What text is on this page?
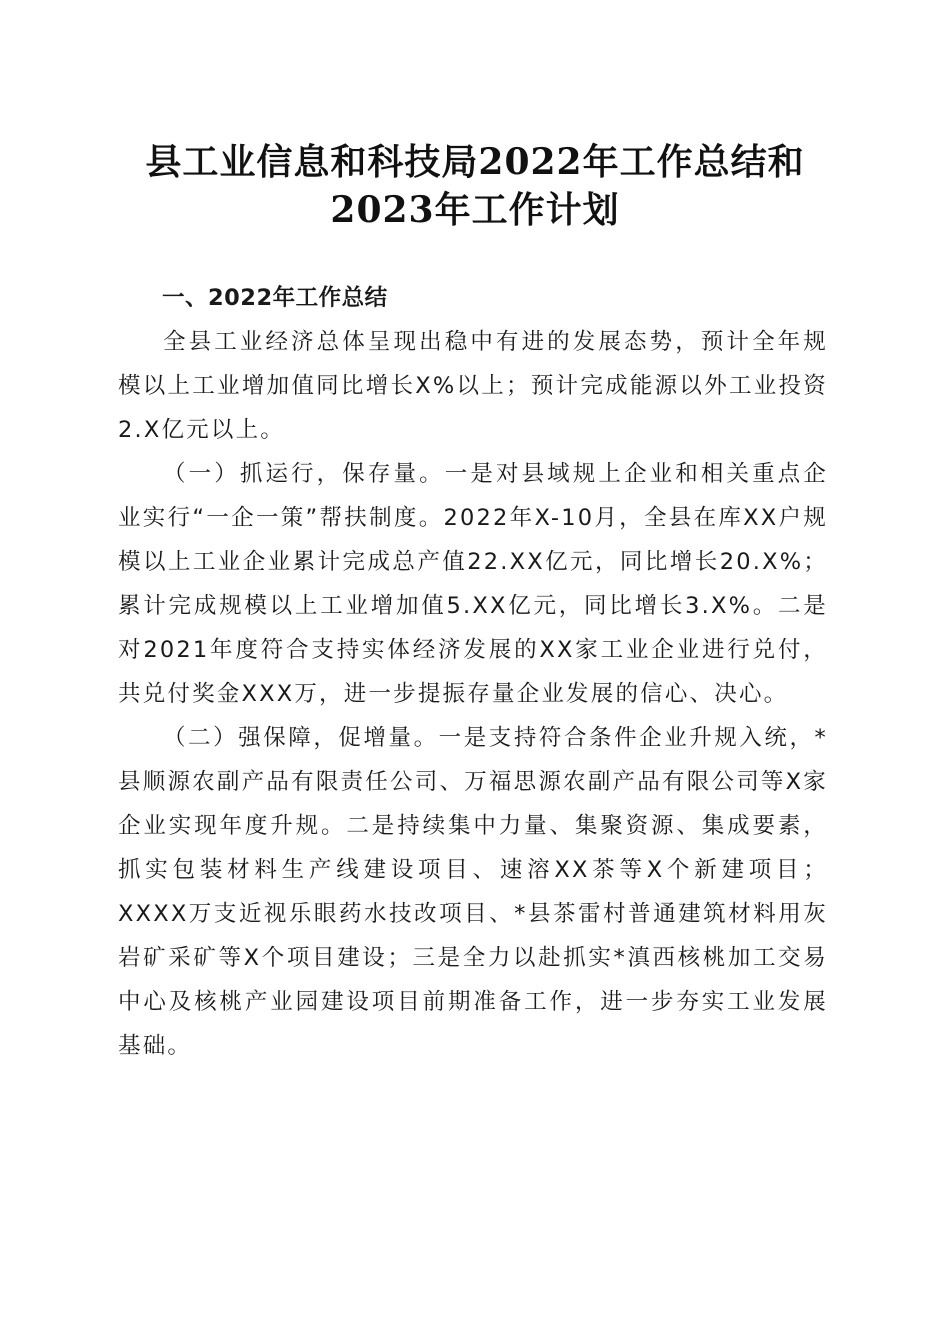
县工业信息和科技局2022年工作总结和2023年工作计划
一、2022年工作总结

全县工业经济总体呈现出稳中有进的发展态势，预计全年规模以上工业增加值同比增长X%以上；预计完成能源以外工业投资2.X亿元以上。

（一）抓运行，保存量。一是对县域规上企业和相关重点企业实行“一企一策”帮扶制度。2022年X-10月，全县在库XX户规模以上工业企业累计完成总产值22.XX亿元，同比增长20.X%；累计完成规模以上工业增加值5.XX亿元，同比增长3.X%。二是对2021年度符合支持实体经济发展的XX家工业企业进行兑付，共兑付奖金XXX万，进一步提振存量企业发展的信心、决心。

（二）强保障，促增量。一是支持符合条件企业升规入统，*县顺源农副产品有限责任公司、万福思源农副产品有限公司等X家企业实现年度升规。二是持续集中力量、集聚资源、集成要素，抓实包装材料生产线建设项目、速溶XX茶等X个新建项目；XXXX万支近视乐眼药水技改项目、*县茶雷村普通建筑材料用灰岩矿采矿等X个项目建设；三是全力以赴抓实*滇西核桃加工交易中心及核桃产业园建设项目前期准备工作，进一步夯实工业发展基础。
